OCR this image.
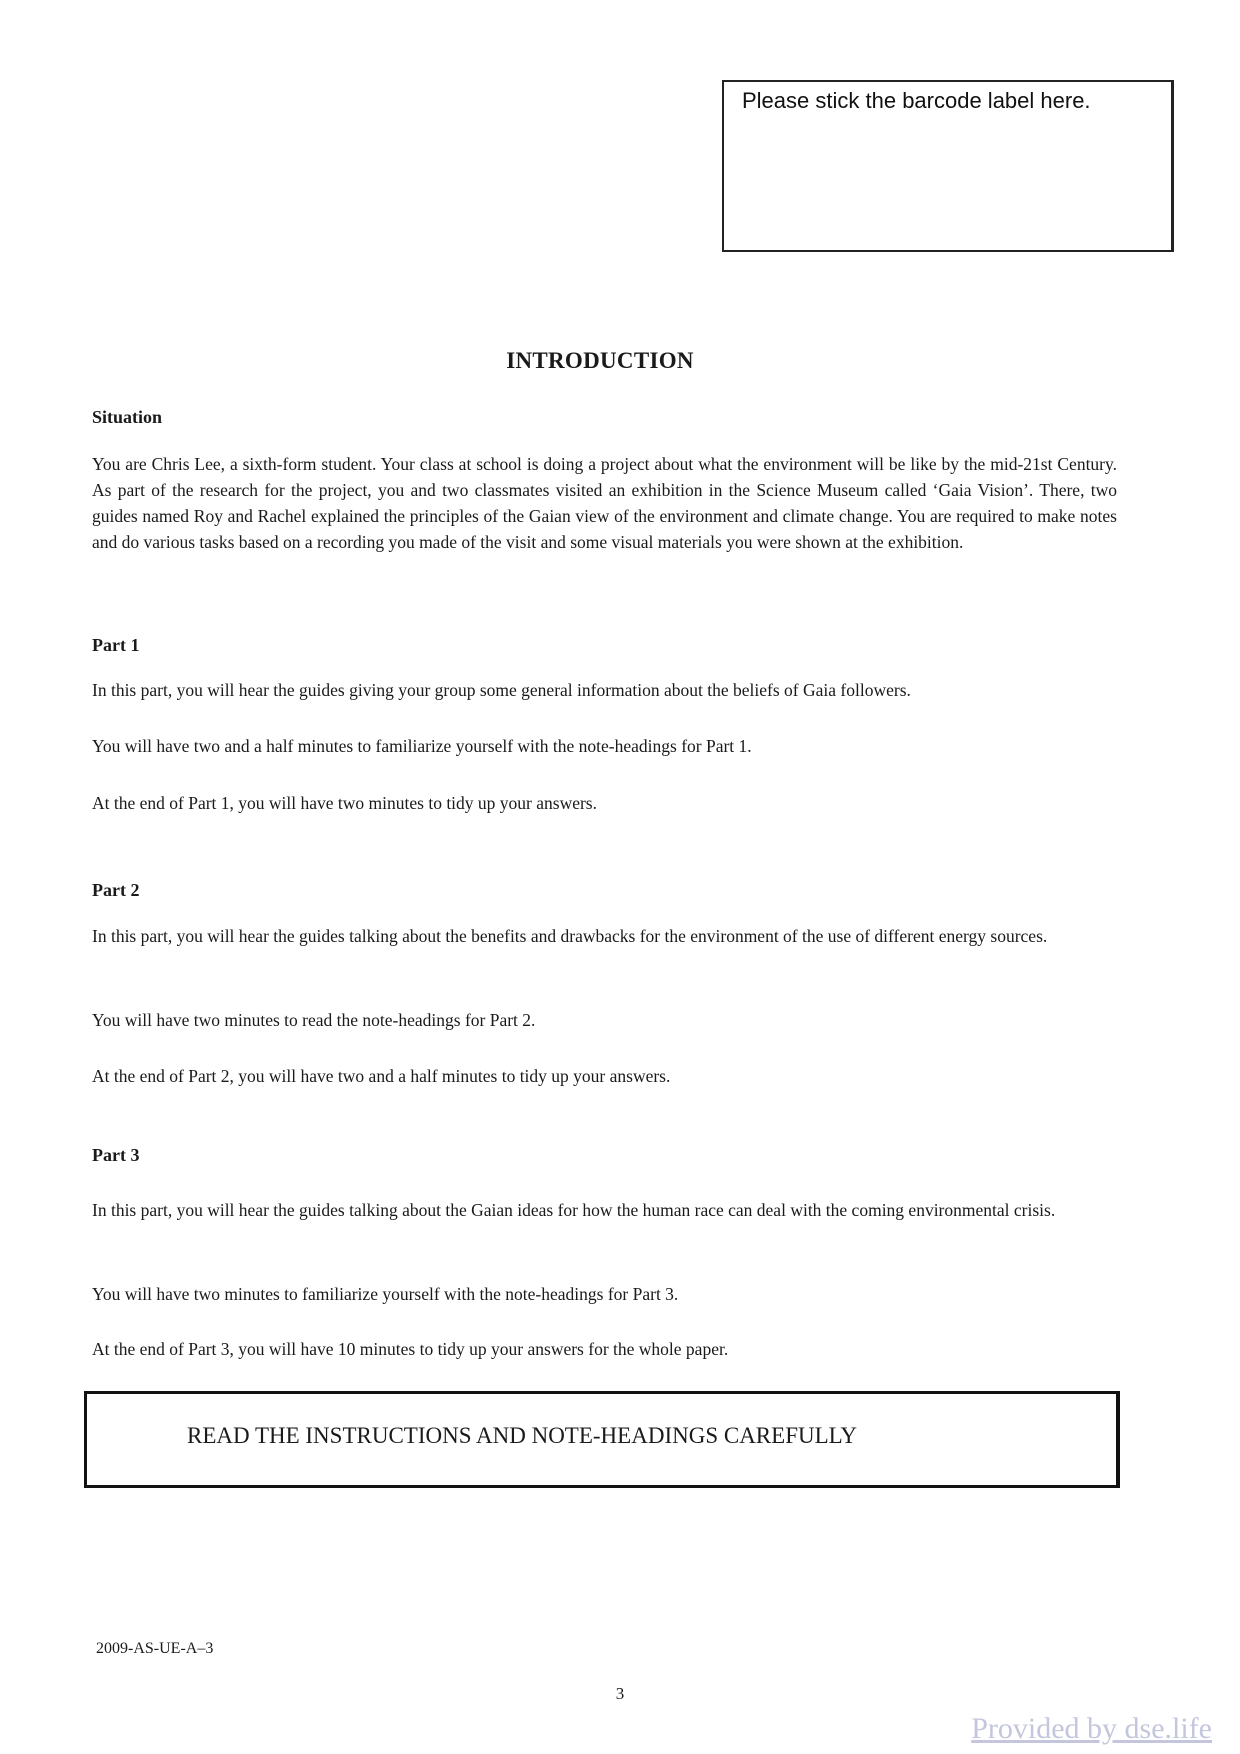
Please stick the barcode label here.
INTRODUCTION
Situation
You are Chris Lee, a sixth-form student. Your class at school is doing a project about what the environment will be like by the mid-21st Century. As part of the research for the project, you and two classmates visited an exhibition in the Science Museum called ‘Gaia Vision’. There, two guides named Roy and Rachel explained the principles of the Gaian view of the environment and climate change. You are required to make notes and do various tasks based on a recording you made of the visit and some visual materials you were shown at the exhibition.
Part 1
In this part, you will hear the guides giving your group some general information about the beliefs of Gaia followers.
You will have two and a half minutes to familiarize yourself with the note-headings for Part 1.
At the end of Part 1, you will have two minutes to tidy up your answers.
Part 2
In this part, you will hear the guides talking about the benefits and drawbacks for the environment of the use of different energy sources.
You will have two minutes to read the note-headings for Part 2.
At the end of Part 2, you will have two and a half minutes to tidy up your answers.
Part 3
In this part, you will hear the guides talking about the Gaian ideas for how the human race can deal with the coming environmental crisis.
You will have two minutes to familiarize yourself with the note-headings for Part 3.
At the end of Part 3, you will have 10 minutes to tidy up your answers for the whole paper.
READ THE INSTRUCTIONS AND NOTE-HEADINGS CAREFULLY
2009-AS-UE-A–3
3
Provided by dse.life
